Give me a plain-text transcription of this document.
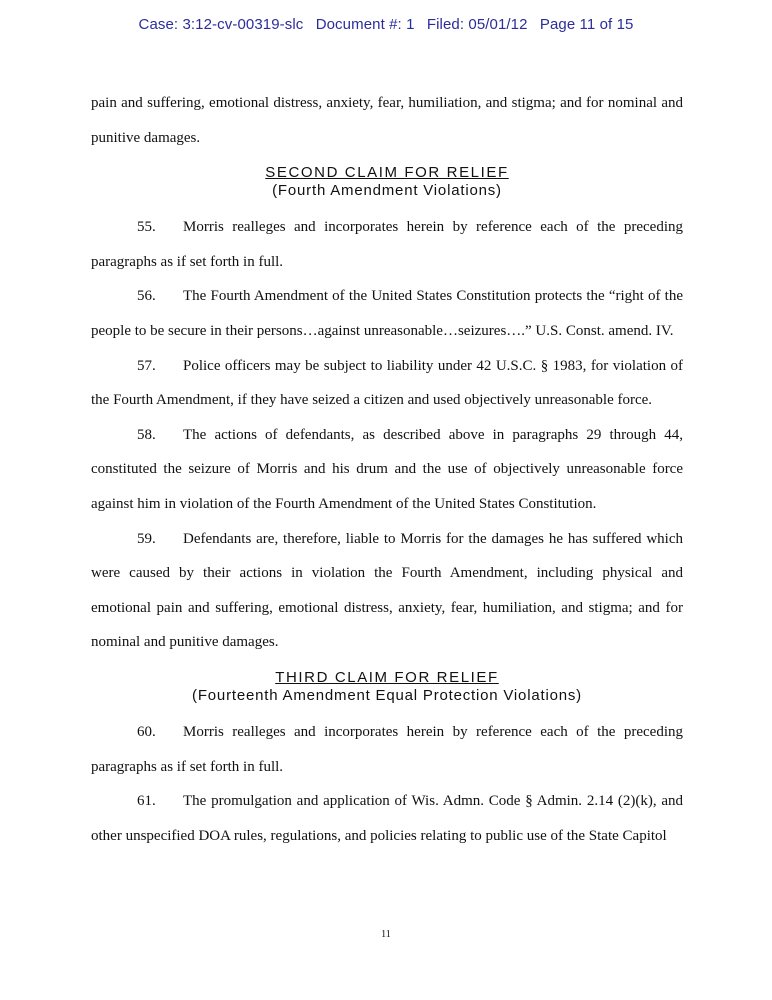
Case: 3:12-cv-00319-slc Document #: 1 Filed: 05/01/12 Page 11 of 15

pain and suffering, emotional distress, anxiety, fear, humiliation, and stigma; and for nominal and punitive damages.

SECOND CLAIM FOR RELIEF
(Fourth Amendment Violations)

55. Morris realleges and incorporates herein by reference each of the preceding paragraphs as if set forth in full.

56. The Fourth Amendment of the United States Constitution protects the “right of the people to be secure in their persons…against unreasonable…seizures….” U.S. Const. amend. IV.

57. Police officers may be subject to liability under 42 U.S.C. § 1983, for violation of the Fourth Amendment, if they have seized a citizen and used objectively unreasonable force.

58. The actions of defendants, as described above in paragraphs 29 through 44, constituted the seizure of Morris and his drum and the use of objectively unreasonable force against him in violation of the Fourth Amendment of the United States Constitution.

59. Defendants are, therefore, liable to Morris for the damages he has suffered which were caused by their actions in violation the Fourth Amendment, including physical and emotional pain and suffering, emotional distress, anxiety, fear, humiliation, and stigma; and for nominal and punitive damages.

THIRD CLAIM FOR RELIEF
(Fourteenth Amendment Equal Protection Violations)

60. Morris realleges and incorporates herein by reference each of the preceding paragraphs as if set forth in full.

61. The promulgation and application of Wis. Admn. Code § Admin. 2.14 (2)(k), and other unspecified DOA rules, regulations, and policies relating to public use of the State Capitol

11
